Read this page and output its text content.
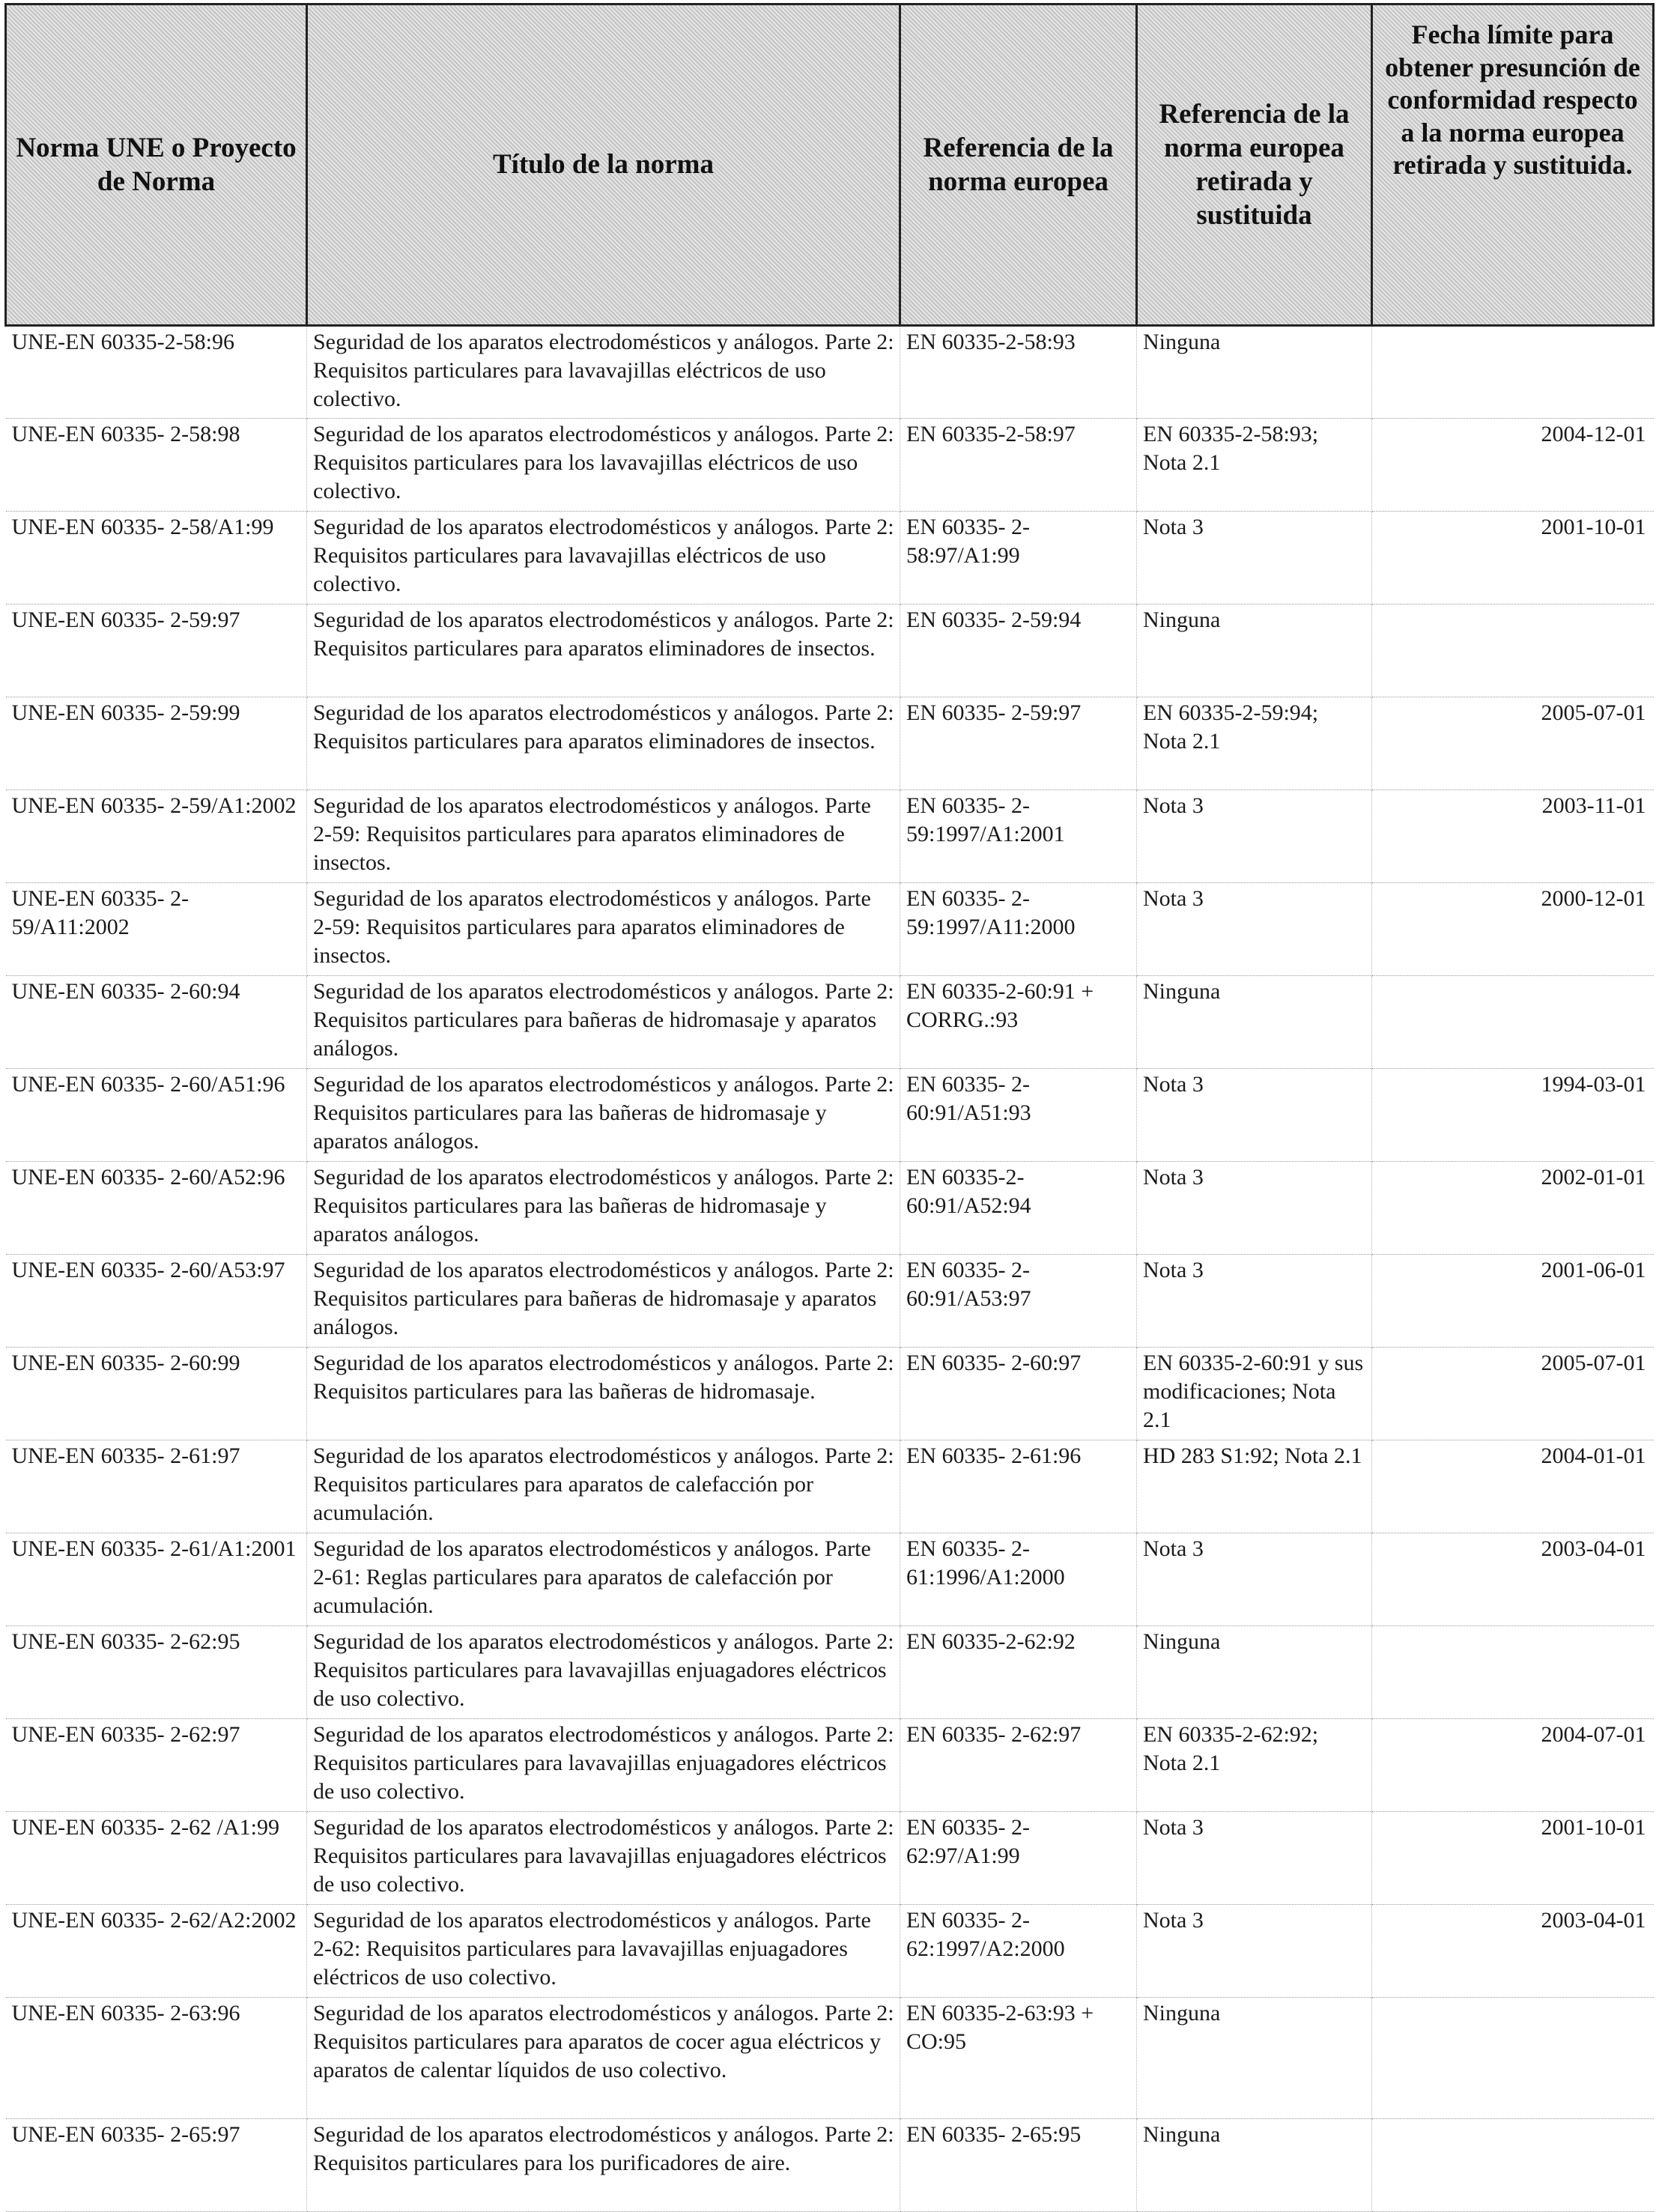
Norma UNE o Proyecto de Norma	Título de la norma	Referencia de la norma europea	Referencia de la norma europea retirada y sustituida	Fecha límite para obtener presunción de conformidad respecto a la norma europea retirada y sustituida.
UNE-EN 60335-2-58:96	Seguridad de los aparatos electrodomésticos y análogos. Parte 2: Requisitos particulares para lavavajillas eléctricos de uso colectivo.	EN 60335-2-58:93	Ninguna	
UNE-EN 60335- 2-58:98	Seguridad de los aparatos electrodomésticos y análogos. Parte 2: Requisitos particulares para los lavavajillas eléctricos de uso colectivo.	EN 60335-2-58:97	EN 60335-2-58:93; Nota 2.1	2004-12-01
UNE-EN 60335- 2-58/A1:99	Seguridad de los aparatos electrodomésticos y análogos. Parte 2: Requisitos particulares para lavavajillas eléctricos de uso colectivo.	EN 60335- 2-58:97/A1:99	Nota 3	2001-10-01
UNE-EN 60335- 2-59:97	Seguridad de los aparatos electrodomésticos y análogos. Parte 2: Requisitos particulares para aparatos eliminadores de insectos.	EN 60335- 2-59:94	Ninguna	
UNE-EN 60335- 2-59:99	Seguridad de los aparatos electrodomésticos y análogos. Parte 2: Requisitos particulares para aparatos eliminadores de insectos.	EN 60335- 2-59:97	EN 60335-2-59:94; Nota 2.1	2005-07-01
UNE-EN 60335- 2-59/A1:2002	Seguridad de los aparatos electrodomésticos y análogos. Parte 2-59: Requisitos particulares para aparatos eliminadores de insectos.	EN 60335- 2-59:1997/A1:2001	Nota 3	2003-11-01
UNE-EN 60335- 2-59/A11:2002	Seguridad de los aparatos electrodomésticos y análogos. Parte 2-59: Requisitos particulares para aparatos eliminadores de insectos.	EN 60335- 2-59:1997/A11:2000	Nota 3	2000-12-01
UNE-EN 60335- 2-60:94	Seguridad de los aparatos electrodomésticos y análogos. Parte 2: Requisitos particulares para bañeras de hidromasaje y aparatos análogos.	EN 60335-2-60:91 + CORRG.:93	Ninguna	
UNE-EN 60335- 2-60/A51:96	Seguridad de los aparatos electrodomésticos y análogos. Parte 2: Requisitos particulares para las bañeras de hidromasaje y aparatos análogos.	EN 60335- 2-60:91/A51:93	Nota 3	1994-03-01
UNE-EN 60335- 2-60/A52:96	Seguridad de los aparatos electrodomésticos y análogos. Parte 2: Requisitos particulares para las bañeras de hidromasaje y aparatos análogos.	EN 60335-2-60:91/A52:94	Nota 3	2002-01-01
UNE-EN 60335- 2-60/A53:97	Seguridad de los aparatos electrodomésticos y análogos. Parte 2: Requisitos particulares para bañeras de hidromasaje y aparatos análogos.	EN 60335- 2-60:91/A53:97	Nota 3	2001-06-01
UNE-EN 60335- 2-60:99	Seguridad de los aparatos electrodomésticos y análogos. Parte 2: Requisitos particulares para las bañeras de hidromasaje.	EN 60335- 2-60:97	EN 60335-2-60:91 y sus modificaciones; Nota 2.1	2005-07-01
UNE-EN 60335- 2-61:97	Seguridad de los aparatos electrodomésticos y análogos. Parte 2: Requisitos particulares para aparatos de calefacción por acumulación.	EN 60335- 2-61:96	HD 283 S1:92; Nota 2.1	2004-01-01
UNE-EN 60335- 2-61/A1:2001	Seguridad de los aparatos electrodomésticos y análogos. Parte 2-61: Reglas particulares para aparatos de calefacción por acumulación.	EN 60335- 2-61:1996/A1:2000	Nota 3	2003-04-01
UNE-EN 60335- 2-62:95	Seguridad de los aparatos electrodomésticos y análogos. Parte 2: Requisitos particulares para lavavajillas enjuagadores eléctricos de uso colectivo.	EN 60335-2-62:92	Ninguna	
UNE-EN 60335- 2-62:97	Seguridad de los aparatos electrodomésticos y análogos. Parte 2: Requisitos particulares para lavavajillas enjuagadores eléctricos de uso colectivo.	EN 60335- 2-62:97	EN 60335-2-62:92; Nota 2.1	2004-07-01
UNE-EN 60335- 2-62 /A1:99	Seguridad de los aparatos electrodomésticos y análogos. Parte 2: Requisitos particulares para lavavajillas enjuagadores eléctricos de uso colectivo.	EN 60335- 2-62:97/A1:99	Nota 3	2001-10-01
UNE-EN 60335- 2-62/A2:2002	Seguridad de los aparatos electrodomésticos y análogos. Parte 2-62: Requisitos particulares para lavavajillas enjuagadores eléctricos de uso colectivo.	EN 60335- 2-62:1997/A2:2000	Nota 3	2003-04-01
UNE-EN 60335- 2-63:96	Seguridad de los aparatos electrodomésticos y análogos. Parte 2: Requisitos particulares para aparatos de cocer agua eléctricos y aparatos de calentar líquidos de uso colectivo.	EN 60335-2-63:93 + CO:95	Ninguna	
UNE-EN 60335- 2-65:97	Seguridad de los aparatos electrodomésticos y análogos. Parte 2: Requisitos particulares para los purificadores de aire.	EN 60335- 2-65:95	Ninguna	
